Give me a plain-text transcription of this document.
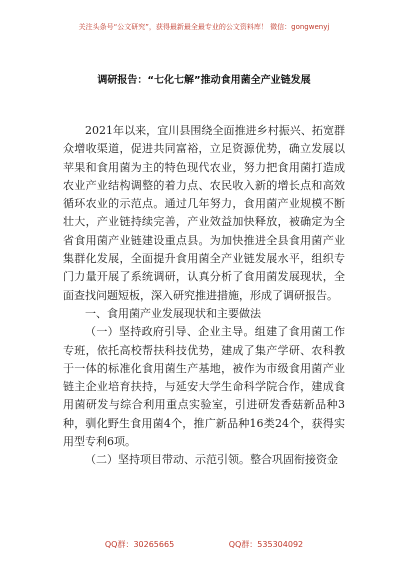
关注头条号“公文研究”，获得最新最全最专业的公文资料库！ 微信：gongwenyj
调研报告：“七化七解”推动食用菌全产业链发展

2021年以来，宜川县围绕全面推进乡村振兴、拓宽群众增收渠道，促进共同富裕，立足资源优势，确立发展以苹果和食用菌为主的特色现代农业，努力把食用菌打造成农业产业结构调整的着力点、农民收入新的增长点和高效循环农业的示范点。通过几年努力，食用菌产业规模不断壮大，产业链持续完善，产业效益加快释放，被确定为全省食用菌产业链建设重点县。为加快推进全县食用菌产业集群化发展，全面提升食用菌全产业链发展水平，组织专门力量开展了系统调研，认真分析了食用菌发展现状，全面查找问题短板，深入研究推进措施，形成了调研报告。

一、食用菌产业发展现状和主要做法

（一）坚持政府引导、企业主导。组建了食用菌工作专班，依托高校帮扶科技优势，建成了集产学研、农科教于一体的标准化食用菌生产基地，被作为市级食用菌产业链主企业培育扶持，与延安大学生命科学院合作，建成食用菌研发与综合利用重点实验室，引进研发香菇新品种3种，驯化野生食用菌4个，推广新品种16类24个，获得实用型专利6项。

（二）坚持项目带动、示范引领。整合巩固衔接资金

QQ群：30265665	QQ群：535304092
